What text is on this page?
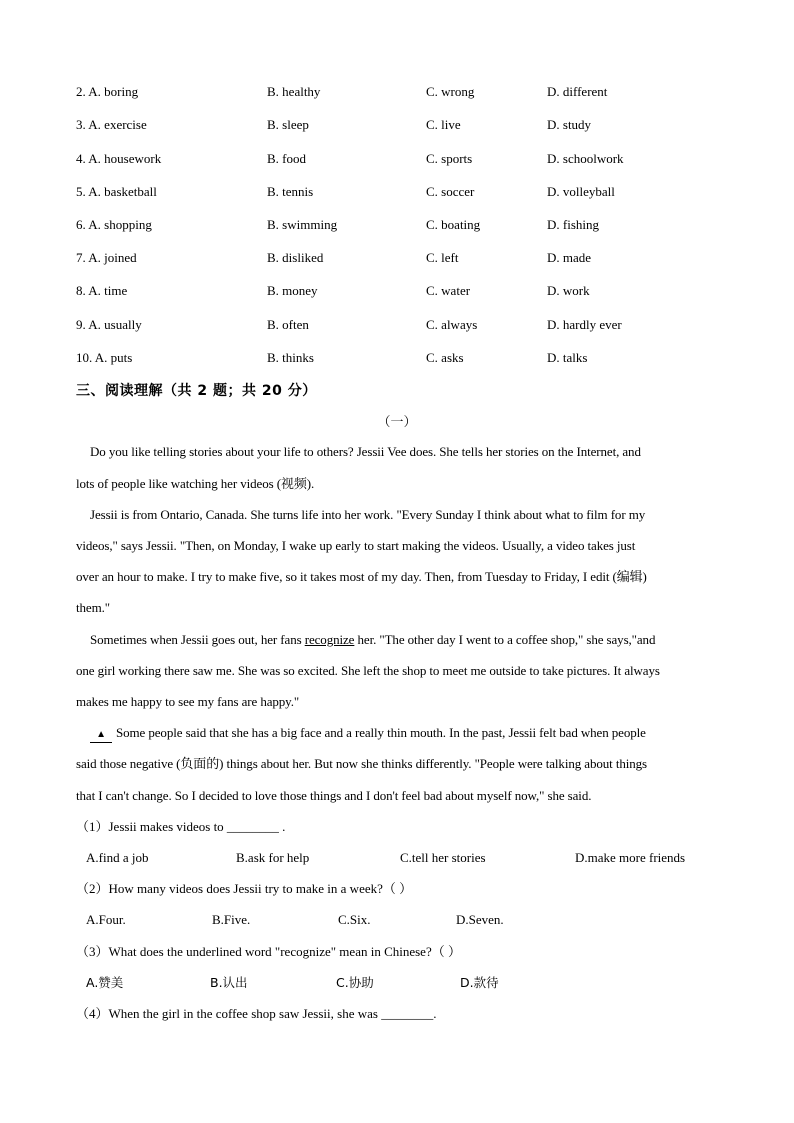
2. A. boring	B. healthy	C. wrong	D. different
3. A. exercise	B. sleep	C. live	D. study
4. A. housework	B. food	C. sports	D. schoolwork
5. A. basketball	B. tennis	C. soccer	D. volleyball
6. A. shopping	B. swimming	C. boating	D. fishing
7. A. joined	B. disliked	C. left	D. made
8. A. time	B. money	C. water	D. work
9. A. usually	B. often	C. always	D. hardly ever
10. A. puts	B. thinks	C. asks	D. talks
三、阅读理解（共 2 题；共 20 分）
（一）
Do you like telling stories about your life to others? Jessii Vee does. She tells her stories on the Internet, and
lots of people like watching her videos (视频).
Jessii is from Ontario, Canada. She turns life into her work. "Every Sunday I think about what to film for my
videos," says Jessii. "Then, on Monday, I wake up early to start making the videos. Usually, a video takes just
over an hour to make. I try to make five, so it takes most of my day. Then, from Tuesday to Friday, I edit (编辑)
them."
Sometimes when Jessii goes out, her fans recognize her. "The other day I went to a coffee shop," she says,"and
one girl working there saw me. She was so excited. She left the shop to meet me outside to take pictures. It always
makes me happy to see my fans are happy."
▲ Some people said that she has a big face and a really thin mouth. In the past, Jessii felt bad when people
said those negative (负面的) things about her. But now she thinks differently. "People were talking about things
that I can't change. So I decided to love those things and I don't feel bad about myself now," she said.
（1）Jessii makes videos to ________ .
A.find a job	B.ask for help	C.tell her stories	D.make more friends
（2）How many videos does Jessii try to make in a week?（ ）
A.Four.	B.Five.	C.Six.	D.Seven.
（3）What does the underlined word "recognize" mean in Chinese?（ ）
A.赞美	B.认出	C.协助	D.款待
（4）When the girl in the coffee shop saw Jessii, she was ________.
